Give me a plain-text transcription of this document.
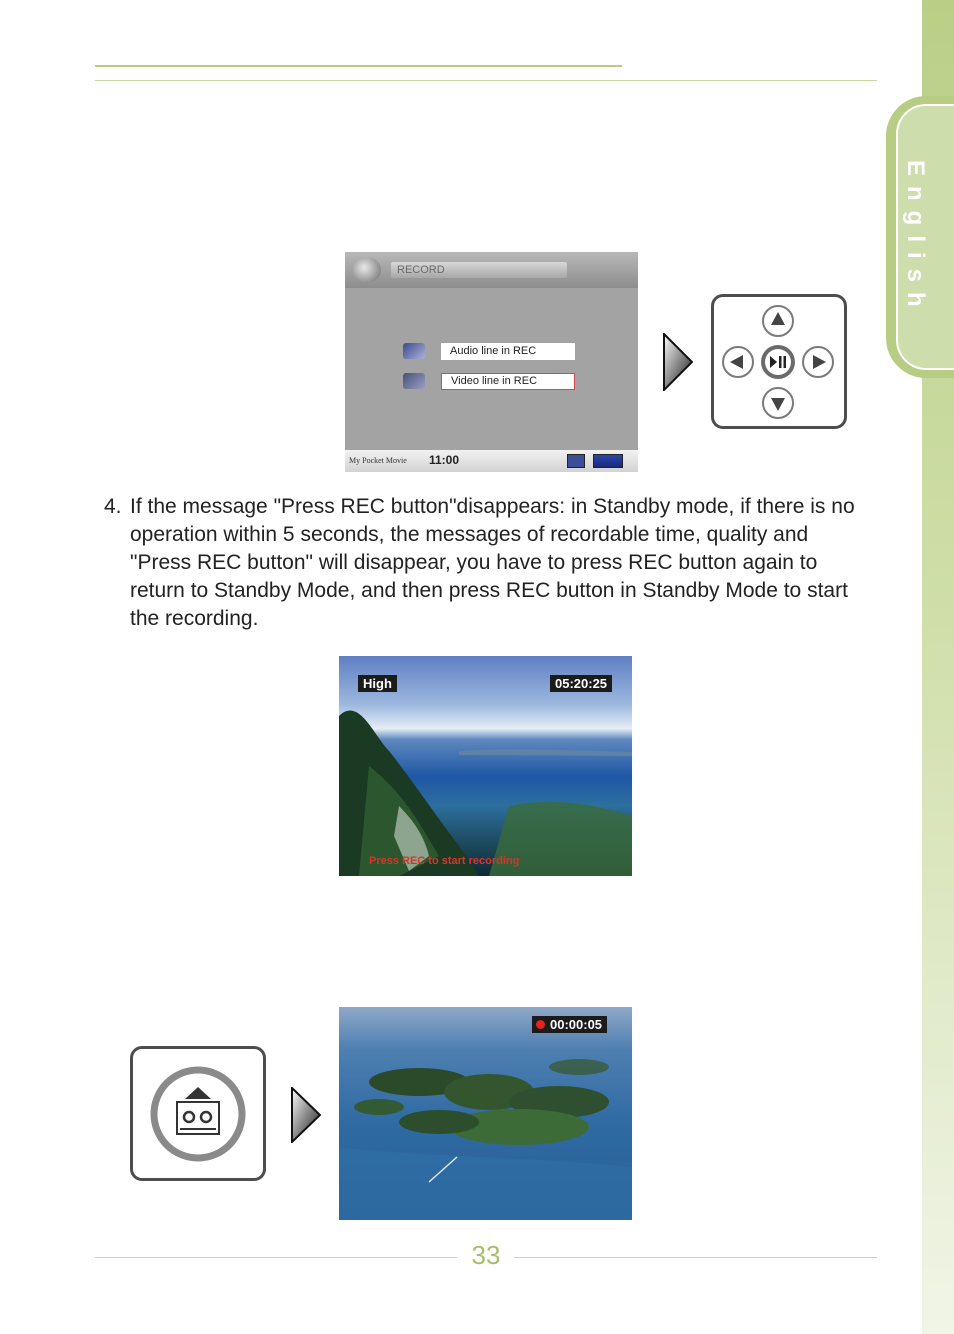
English
RECORD
Audio line in REC
Video line in REC
My Pocket Movie 11:00
4. If the message "Press REC button"disappears: in Standby mode, if there is no operation within 5 seconds, the messages of recordable time, quality and "Press REC button" will disappear, you have to press REC button again to return to Standby Mode, and then press REC button in Standby Mode to start the recording.
High	05:20:25
Press REC to start recording
00:00:05
33
